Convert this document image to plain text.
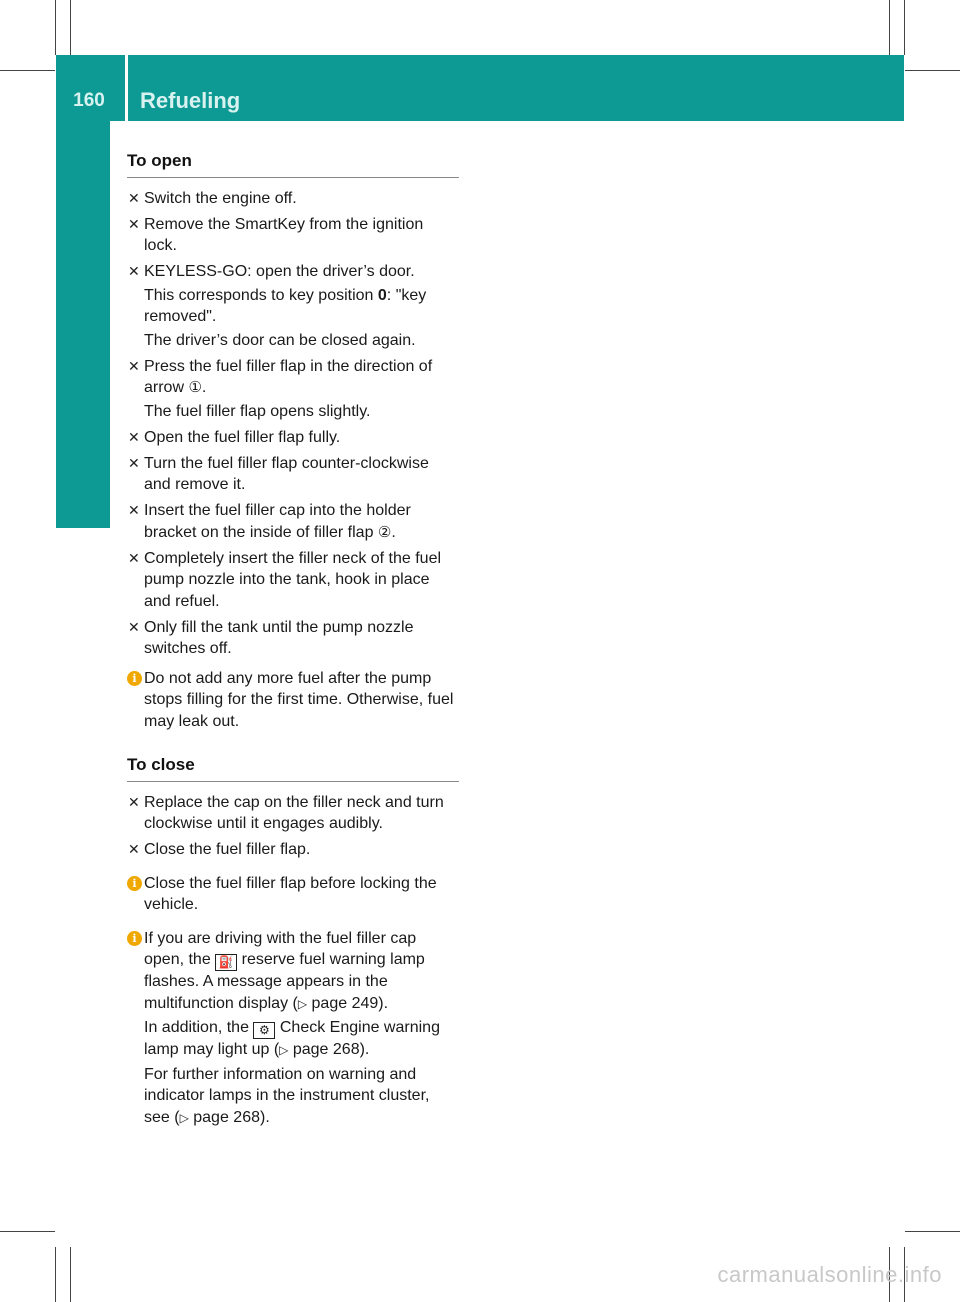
160	Refueling
Driving and parking
To open
✕ Switch the engine off.
✕ Remove the SmartKey from the ignition lock.
✕ KEYLESS-GO: open the driver’s door.

This corresponds to key position 0: "key removed".

The driver’s door can be closed again.

✕ Press the fuel filler flap in the direction of arrow ①.

The fuel filler flap opens slightly.

✕ Open the fuel filler flap fully.
✕ Turn the fuel filler flap counter-clockwise and remove it.
✕ Insert the fuel filler cap into the holder bracket on the inside of filler flap ②.
✕ Completely insert the filler neck of the fuel pump nozzle into the tank, hook in place and refuel.
✕ Only fill the tank until the pump nozzle switches off.
i Do not add any more fuel after the pump stops filling for the first time. Otherwise, fuel may leak out.
To close
✕ Replace the cap on the filler neck and turn clockwise until it engages audibly.
✕ Close the fuel filler flap.
i Close the fuel filler flap before locking the vehicle.
i If you are driving with the fuel filler cap open, the ⛽ reserve fuel warning lamp flashes. A message appears in the multifunction display (▷ page 249).

In addition, the ⚙ Check Engine warning lamp may light up (▷ page 268).

For further information on warning and indicator lamps in the instrument cluster, see (▷ page 268).

carmanualsonline.info
